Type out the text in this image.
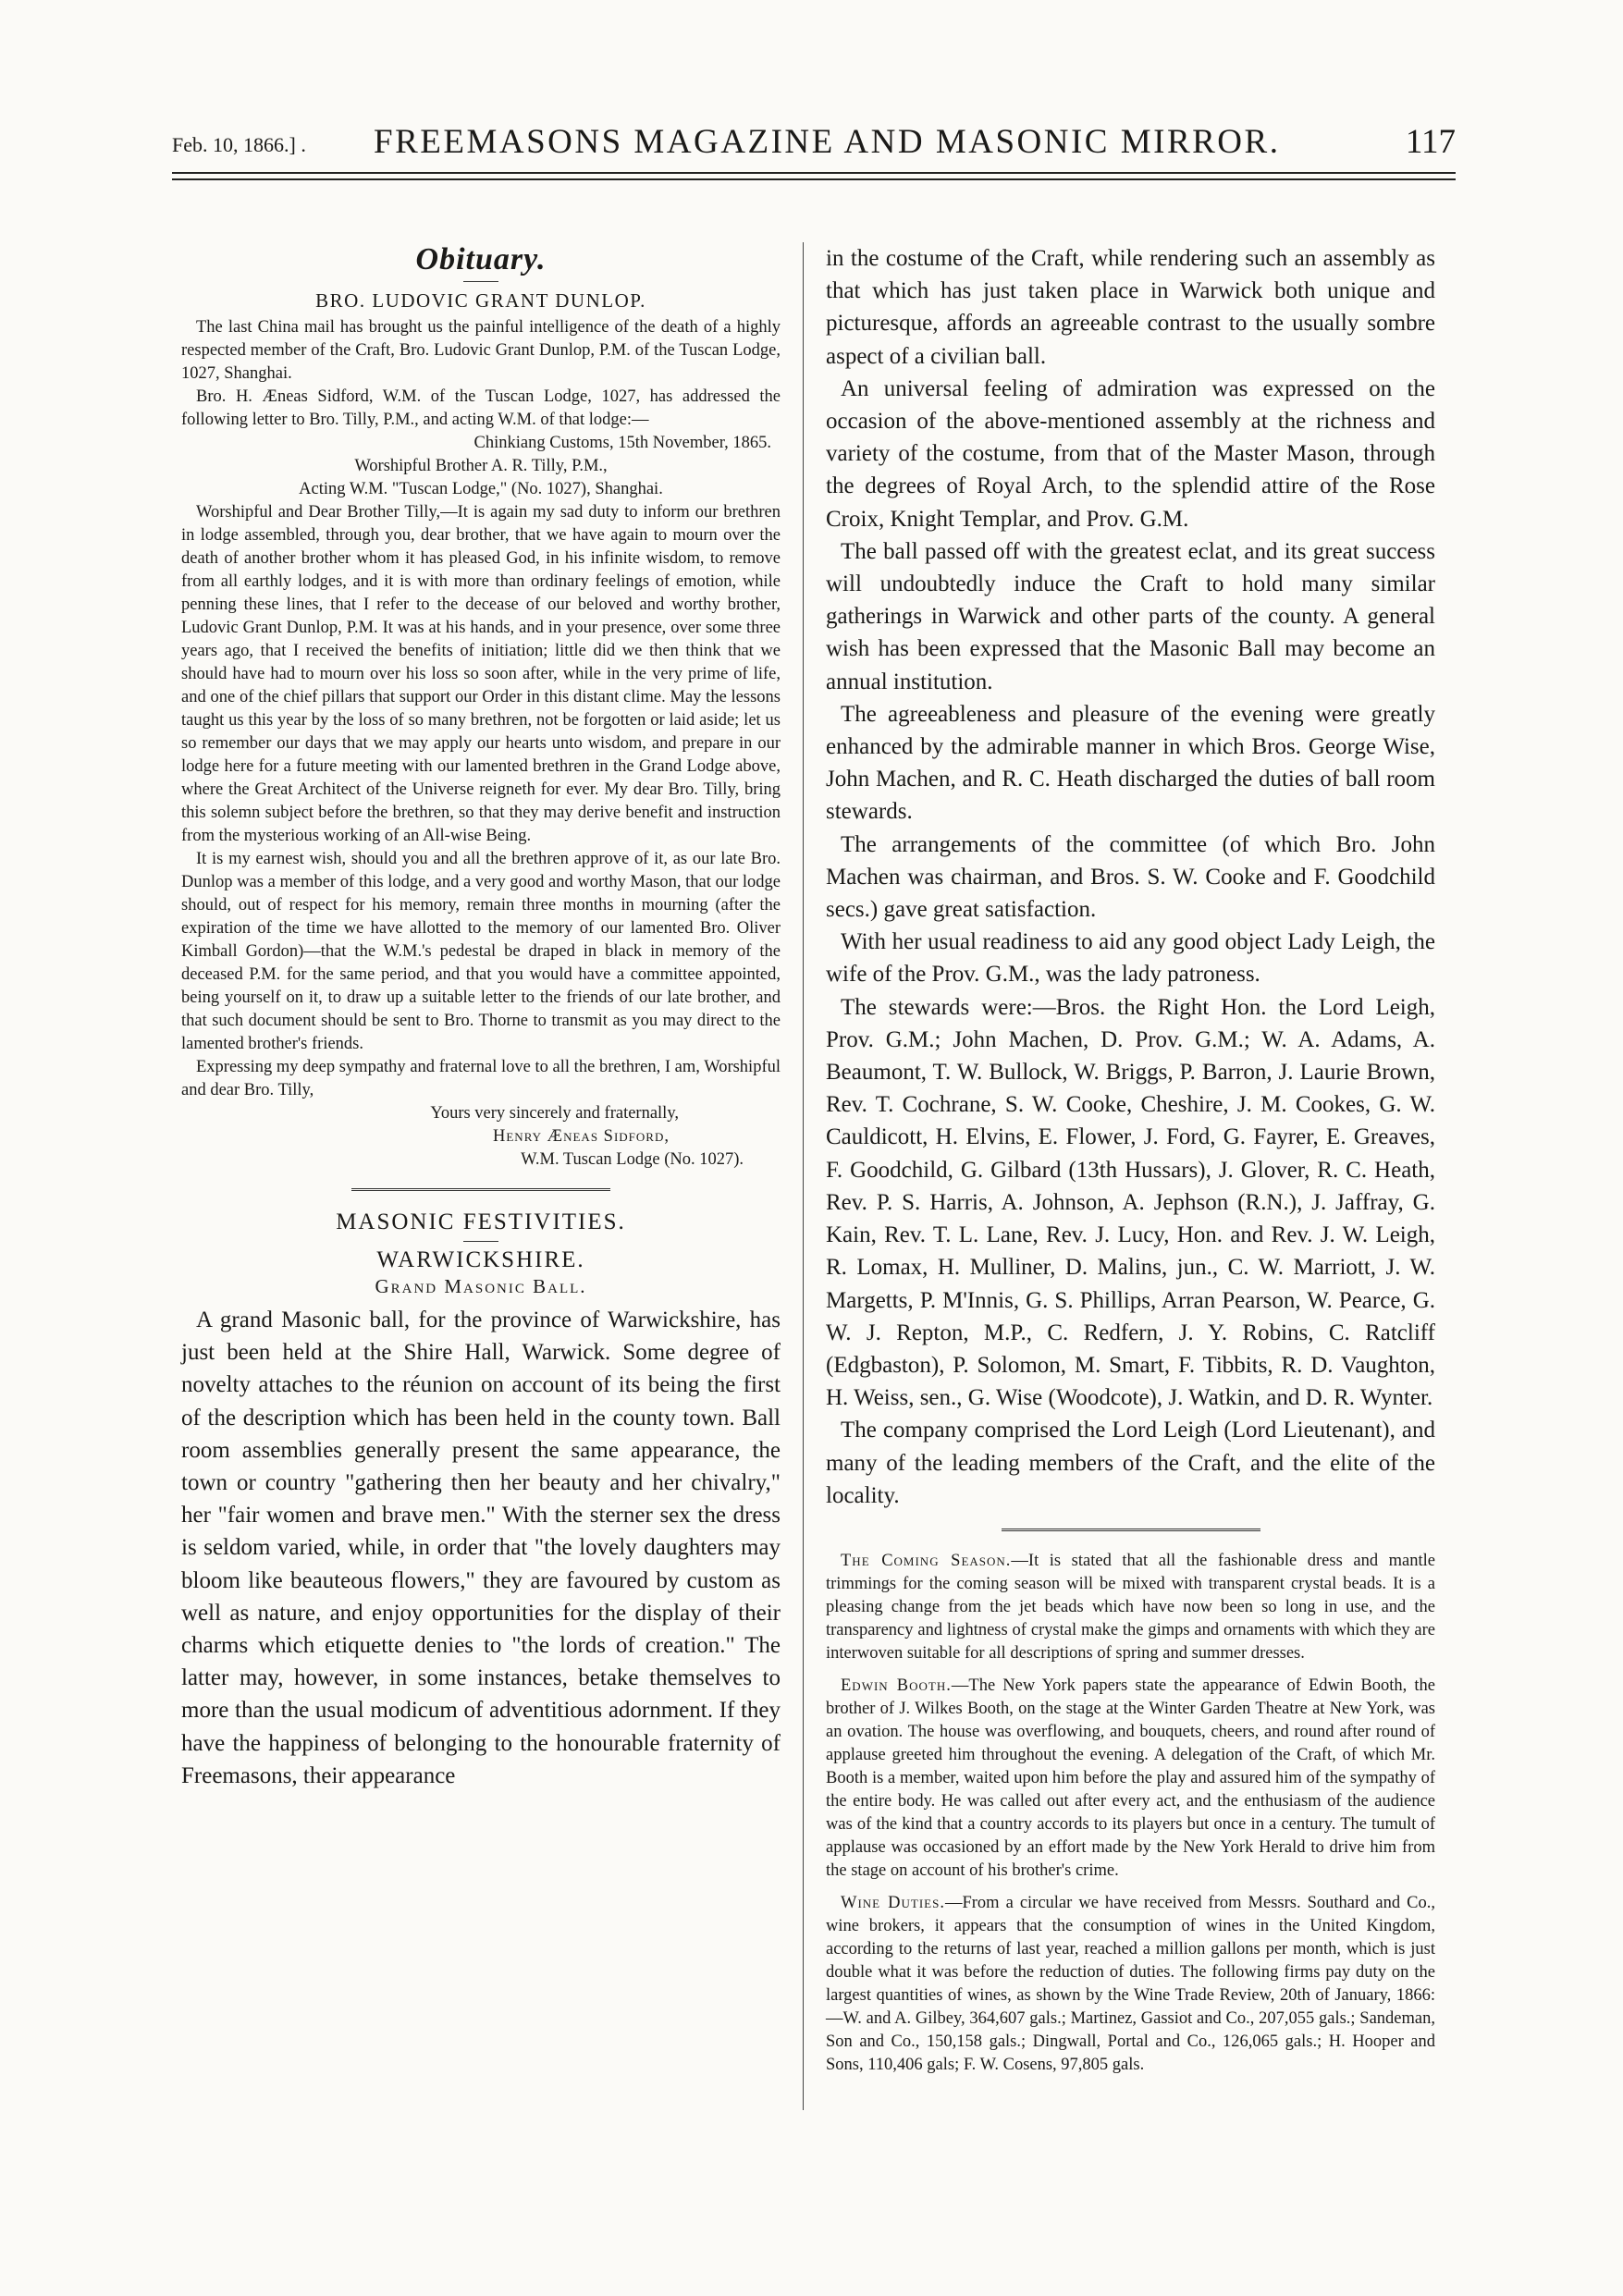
Feb. 10, 1866.] . FREEMASONS MAGAZINE AND MASONIC MIRROR.	117
Obituary.
BRO. LUDOVIC GRANT DUNLOP.

The last China mail has brought us the painful intelligence of the death of a highly respected member of the Craft, Bro. Ludovic Grant Dunlop, P.M. of the Tuscan Lodge, 1027, Shanghai.

Bro. H. Æneas Sidford, W.M. of the Tuscan Lodge, 1027, has addressed the following letter to Bro. Tilly, P.M., and acting W.M. of that lodge:—

Chinkiang Customs, 15th November, 1865.

Worshipful Brother A. R. Tilly, P.M.,

Acting W.M. "Tuscan Lodge," (No. 1027), Shanghai.

Worshipful and Dear Brother Tilly,—It is again my sad duty to inform our brethren in lodge assembled, through you, dear brother, that we have again to mourn over the death of another brother whom it has pleased God, in his infinite wisdom, to remove from all earthly lodges, and it is with more than ordinary feelings of emotion, while penning these lines, that I refer to the decease of our beloved and worthy brother, Ludovic Grant Dunlop, P.M. It was at his hands, and in your presence, over some three years ago, that I received the benefits of initiation; little did we then think that we should have had to mourn over his loss so soon after, while in the very prime of life, and one of the chief pillars that support our Order in this distant clime. May the lessons taught us this year by the loss of so many brethren, not be forgotten or laid aside; let us so remember our days that we may apply our hearts unto wisdom, and prepare in our lodge here for a future meeting with our lamented brethren in the Grand Lodge above, where the Great Architect of the Universe reigneth for ever. My dear Bro. Tilly, bring this solemn subject before the brethren, so that they may derive benefit and instruction from the mysterious working of an All-wise Being.

It is my earnest wish, should you and all the brethren approve of it, as our late Bro. Dunlop was a member of this lodge, and a very good and worthy Mason, that our lodge should, out of respect for his memory, remain three months in mourning (after the expiration of the time we have allotted to the memory of our lamented Bro. Oliver Kimball Gordon)—that the W.M.'s pedestal be draped in black in memory of the deceased P.M. for the same period, and that you would have a committee appointed, being yourself on it, to draw up a suitable letter to the friends of our late brother, and that such document should be sent to Bro. Thorne to transmit as you may direct to the lamented brother's friends.

Expressing my deep sympathy and fraternal love to all the brethren, I am, Worshipful and dear Bro. Tilly,

Yours very sincerely and fraternally,

Henry Æneas Sidford,

W.M. Tuscan Lodge (No. 1027).

MASONIC FESTIVITIES.
WARWICKSHIRE.
Grand Masonic Ball.

A grand Masonic ball, for the province of Warwickshire, has just been held at the Shire Hall, Warwick. Some degree of novelty attaches to the réunion on account of its being the first of the description which has been held in the county town. Ball room assemblies generally present the same appearance, the town or country "gathering then her beauty and her chivalry," her "fair women and brave men." With the sterner sex the dress is seldom varied, while, in order that "the lovely daughters may bloom like beauteous flowers," they are favoured by custom as well as nature, and enjoy opportunities for the display of their charms which etiquette denies to "the lords of creation." The latter may, however, in some instances, betake themselves to more than the usual modicum of adventitious adornment. If they have the happiness of belonging to the honourable fraternity of Freemasons, their appearance

in the costume of the Craft, while rendering such an assembly as that which has just taken place in Warwick both unique and picturesque, affords an agreeable contrast to the usually sombre aspect of a civilian ball.

An universal feeling of admiration was expressed on the occasion of the above-mentioned assembly at the richness and variety of the costume, from that of the Master Mason, through the degrees of Royal Arch, to the splendid attire of the Rose Croix, Knight Templar, and Prov. G.M.

The ball passed off with the greatest eclat, and its great success will undoubtedly induce the Craft to hold many similar gatherings in Warwick and other parts of the county. A general wish has been expressed that the Masonic Ball may become an annual institution.

The agreeableness and pleasure of the evening were greatly enhanced by the admirable manner in which Bros. George Wise, John Machen, and R. C. Heath discharged the duties of ball room stewards.

The arrangements of the committee (of which Bro. John Machen was chairman, and Bros. S. W. Cooke and F. Goodchild secs.) gave great satisfaction.

With her usual readiness to aid any good object Lady Leigh, the wife of the Prov. G.M., was the lady patroness.

The stewards were:—Bros. the Right Hon. the Lord Leigh, Prov. G.M.; John Machen, D. Prov. G.M.; W. A. Adams, A. Beaumont, T. W. Bullock, W. Briggs, P. Barron, J. Laurie Brown, Rev. T. Cochrane, S. W. Cooke, Cheshire, J. M. Cookes, G. W. Cauldicott, H. Elvins, E. Flower, J. Ford, G. Fayrer, E. Greaves, F. Goodchild, G. Gilbard (13th Hussars), J. Glover, R. C. Heath, Rev. P. S. Harris, A. Johnson, A. Jephson (R.N.), J. Jaffray, G. Kain, Rev. T. L. Lane, Rev. J. Lucy, Hon. and Rev. J. W. Leigh, R. Lomax, H. Mulliner, D. Malins, jun., C. W. Marriott, J. W. Margetts, P. M'Innis, G. S. Phillips, Arran Pearson, W. Pearce, G. W. J. Repton, M.P., C. Redfern, J. Y. Robins, C. Ratcliff (Edgbaston), P. Solomon, M. Smart, F. Tibbits, R. D. Vaughton, H. Weiss, sen., G. Wise (Woodcote), J. Watkin, and D. R. Wynter.

The company comprised the Lord Leigh (Lord Lieutenant), and many of the leading members of the Craft, and the elite of the locality.

The Coming Season.—It is stated that all the fashionable dress and mantle trimmings for the coming season will be mixed with transparent crystal beads. It is a pleasing change from the jet beads which have now been so long in use, and the transparency and lightness of crystal make the gimps and ornaments with which they are interwoven suitable for all descriptions of spring and summer dresses.

Edwin Booth.—The New York papers state the appearance of Edwin Booth, the brother of J. Wilkes Booth, on the stage at the Winter Garden Theatre at New York, was an ovation. The house was overflowing, and bouquets, cheers, and round after round of applause greeted him throughout the evening. A delegation of the Craft, of which Mr. Booth is a member, waited upon him before the play and assured him of the sympathy of the entire body. He was called out after every act, and the enthusiasm of the audience was of the kind that a country accords to its players but once in a century. The tumult of applause was occasioned by an effort made by the New York Herald to drive him from the stage on account of his brother's crime.

Wine Duties.—From a circular we have received from Messrs. Southard and Co., wine brokers, it appears that the consumption of wines in the United Kingdom, according to the returns of last year, reached a million gallons per month, which is just double what it was before the reduction of duties. The following firms pay duty on the largest quantities of wines, as shown by the Wine Trade Review, 20th of January, 1866:—W. and A. Gilbey, 364,607 gals.; Martinez, Gassiot and Co., 207,055 gals.; Sandeman, Son and Co., 150,158 gals.; Dingwall, Portal and Co., 126,065 gals.; H. Hooper and Sons, 110,406 gals; F. W. Cosens, 97,805 gals.
